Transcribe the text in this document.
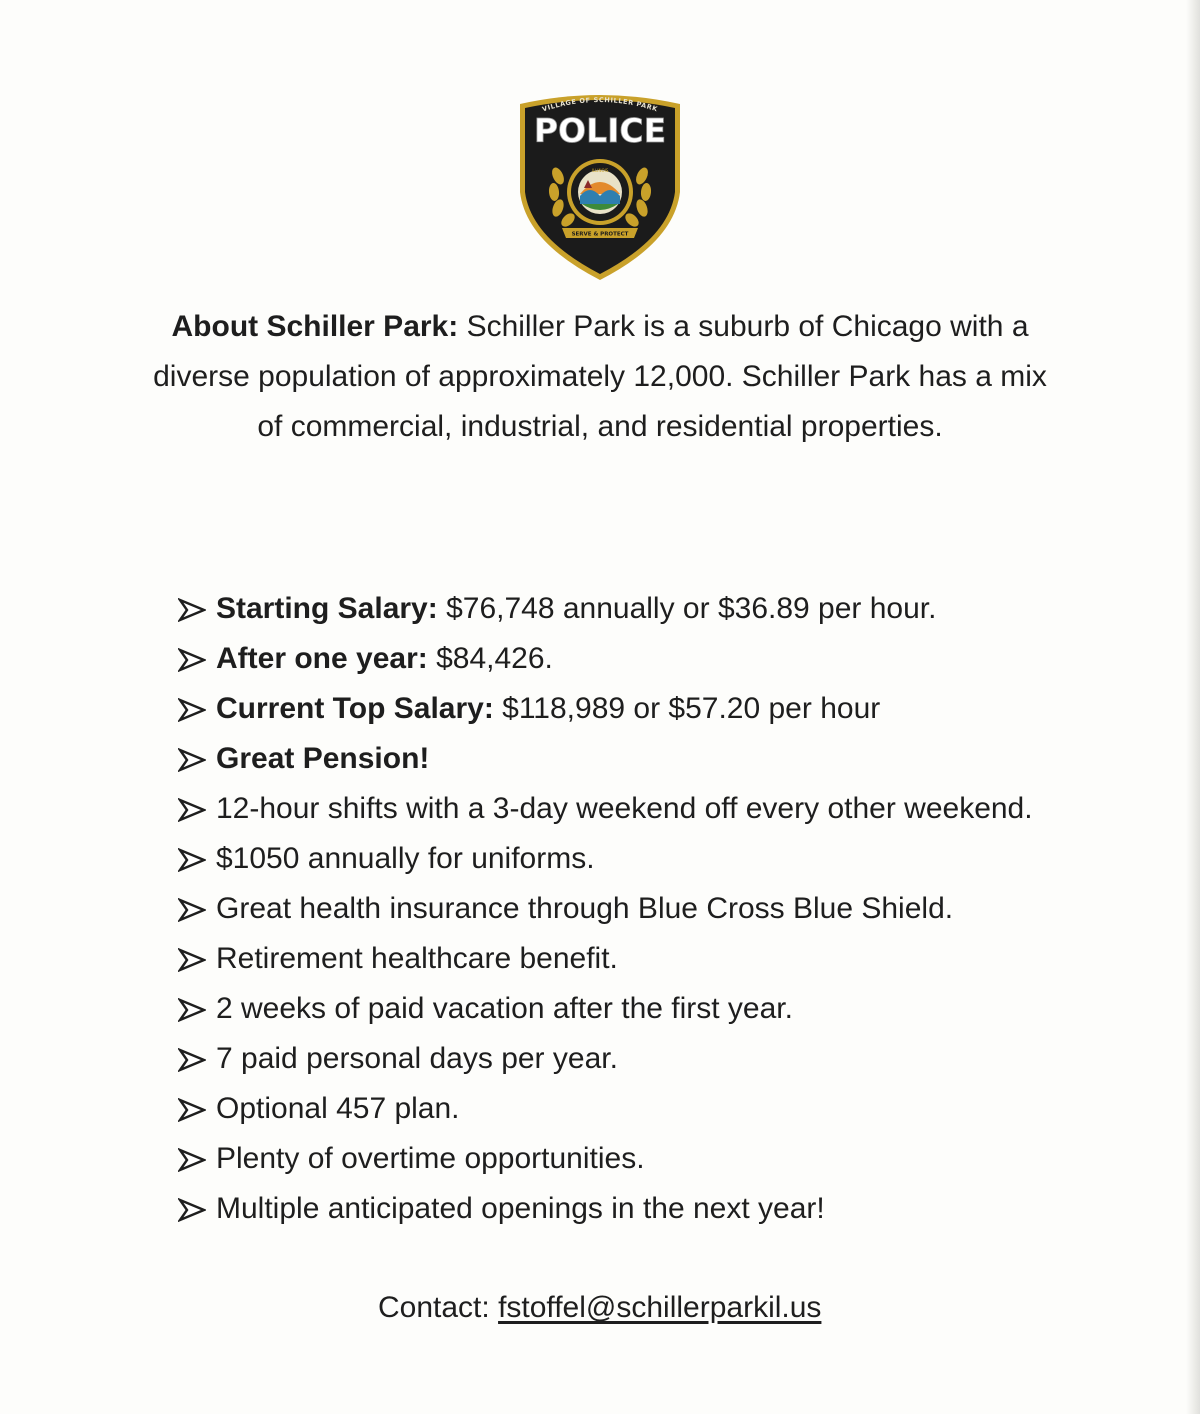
VILLAGE OF SCHILLER PARK
POLICE
ILLINOIS
SERVE & PROTECT
About Schiller Park: Schiller Park is a suburb of Chicago with a diverse population of approximately 12,000. Schiller Park has a mix of commercial, industrial, and residential properties.
Starting Salary: $76,748 annually or $36.89 per hour.
After one year: $84,426.
Current Top Salary: $118,989 or $57.20 per hour
Great Pension!
12-hour shifts with a 3-day weekend off every other weekend.
$1050 annually for uniforms.
Great health insurance through Blue Cross Blue Shield.
Retirement healthcare benefit.
2 weeks of paid vacation after the first year.
7 paid personal days per year.
Optional 457 plan.
Plenty of overtime opportunities.
Multiple anticipated openings in the next year!
Contact: fstoffel@schillerparkil.us
